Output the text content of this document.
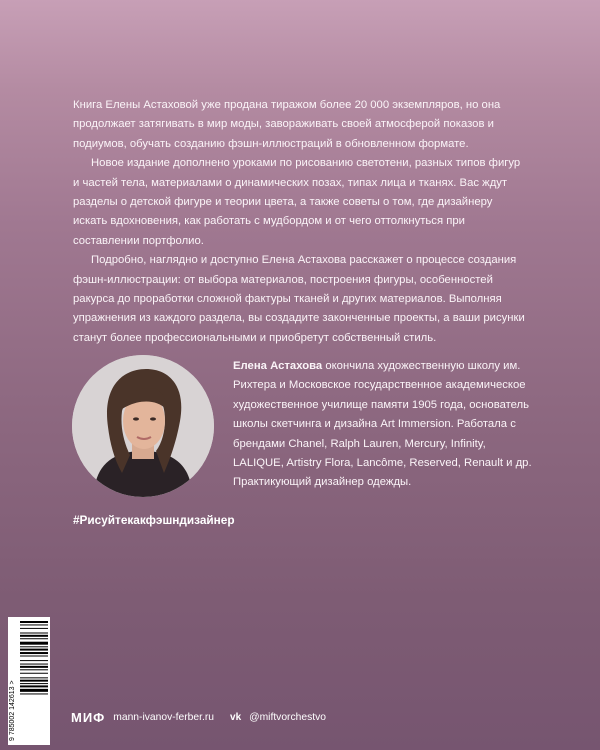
Книга Елены Астаховой уже продана тиражом более 20 000 экземпляров, но она продолжает затягивать в мир моды, завораживать своей атмосферой показов и подиумов, обучать созданию фэшн-иллюстраций в обновленном формате.

Новое издание дополнено уроками по рисованию светотени, разных типов фигур и частей тела, материалами о динамических позах, типах лица и тканях. Вас ждут разделы о детской фигуре и теории цвета, а также советы о том, где дизайнеру искать вдохновения, как работать с мудбордом и от чего оттолкнуться при составлении портфолио.

Подробно, наглядно и доступно Елена Астахова расскажет о процессе создания фэшн-иллюстрации: от выбора материалов, построения фигуры, особенностей ракурса до проработки сложной фактуры тканей и других материалов. Выполняя упражнения из каждого раздела, вы создадите законченные проекты, а ваши рисунки станут более профессиональными и приобретут собственный стиль.

Елена Астахова окончила художественную школу им. Рихтера и Московское государственное академическое художественное училище памяти 1905 года, основатель школы скетчинга и дизайна Art Immersion. Работала с брендами Chanel, Ralph Lauren, Mercury, Infinity, LALIQUE, Artistry Flora, Lancôme, Reserved, Renault и др. Практикующий дизайнер одежды.
#Рисуйтекакфэшндизайнер
9 785002 142613 >	МИФ mann-ivanov-ferber.ru vk @miftvorchestvo
